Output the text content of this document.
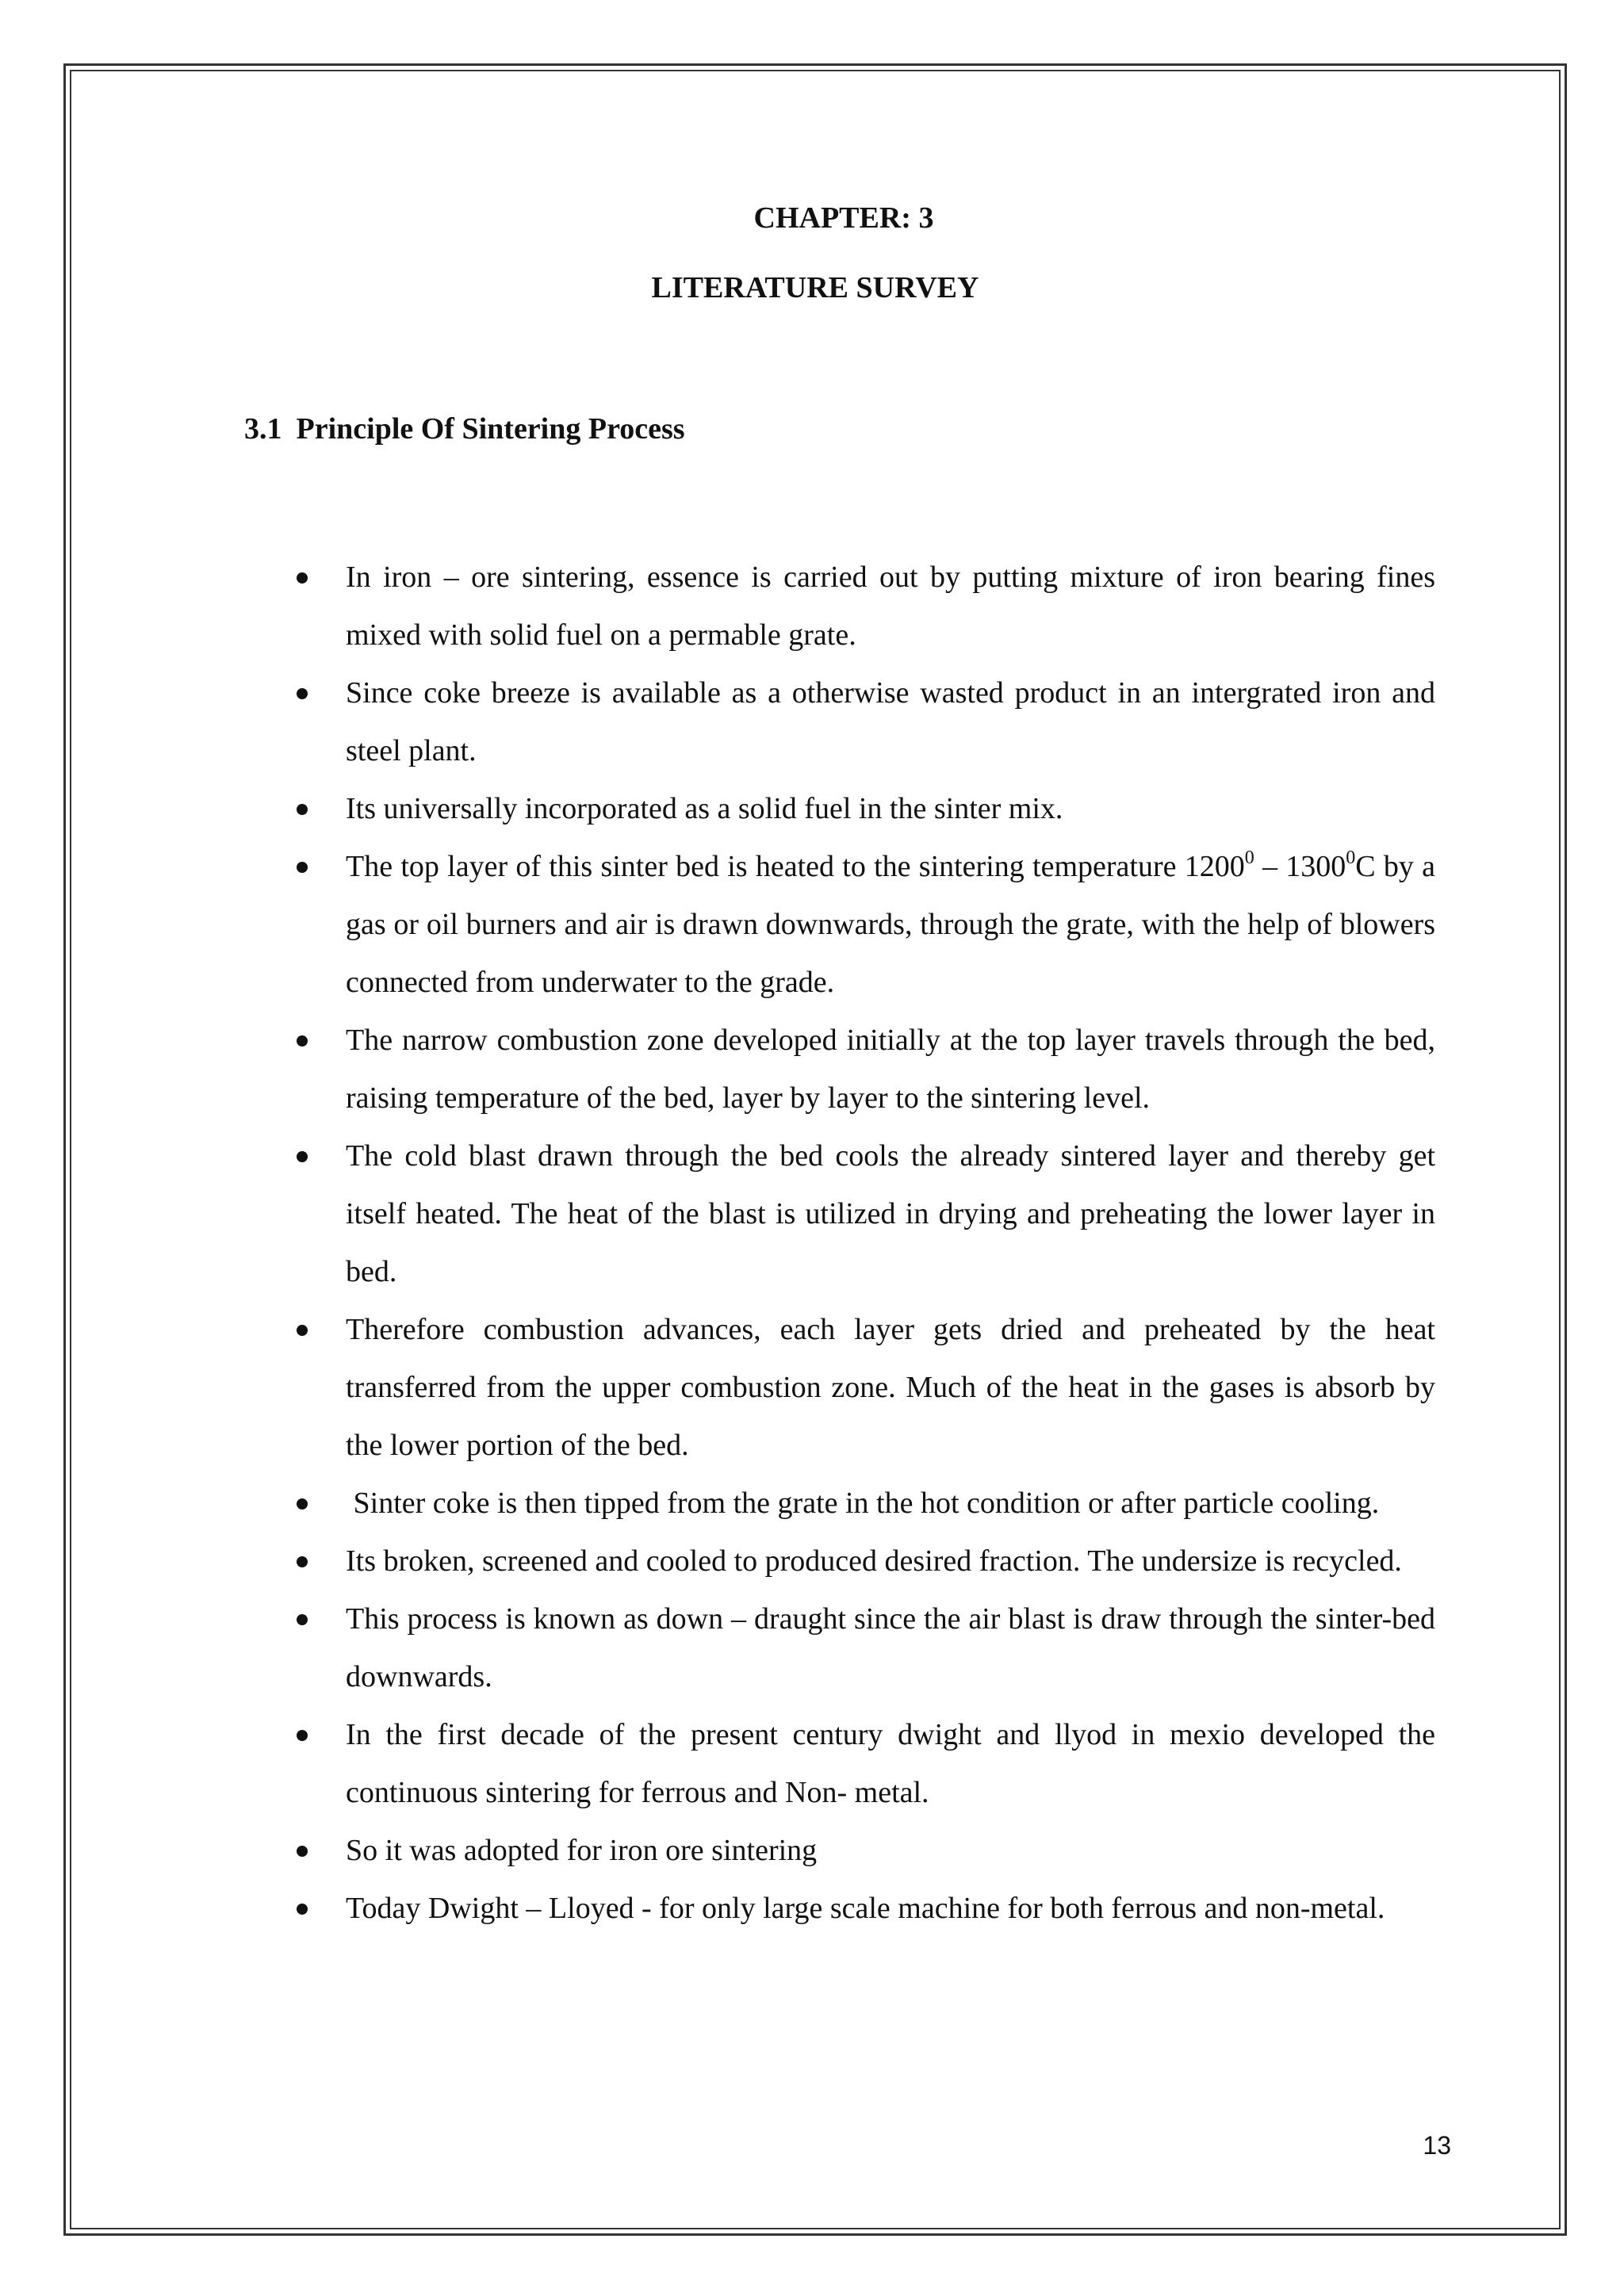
CHAPTER: 3
LITERATURE SURVEY
3.1 Principle Of Sintering Process
In iron – ore sintering, essence is carried out by putting mixture of iron bearing fines mixed with solid fuel on a permable grate.
Since coke breeze is available as a otherwise wasted product in an intergrated iron and steel plant.
Its universally incorporated as a solid fuel in the sinter mix.
The top layer of this sinter bed is heated to the sintering temperature 1200$^0$ – 1300$^0$C by a gas or oil burners and air is drawn downwards, through the grate, with the help of blowers connected from underwater to the grade.
The narrow combustion zone developed initially at the top layer travels through the bed, raising temperature of the bed, layer by layer to the sintering level.
The cold blast drawn through the bed cools the already sintered layer and thereby get itself heated. The heat of the blast is utilized in drying and preheating the lower layer in bed.
Therefore combustion advances, each layer gets dried and preheated by the heat transferred from the upper combustion zone. Much of the heat in the gases is absorb by the lower portion of the bed.
Sinter coke is then tipped from the grate in the hot condition or after particle cooling.
Its broken, screened and cooled to produced desired fraction. The undersize is recycled.
This process is known as down – draught since the air blast is draw through the sinter-bed downwards.
In the first decade of the present century dwight and llyod in mexio developed the continuous sintering for ferrous and Non- metal.
So it was adopted for iron ore sintering
Today Dwight – Lloyed - for only large scale machine for both ferrous and non-metal.
13
